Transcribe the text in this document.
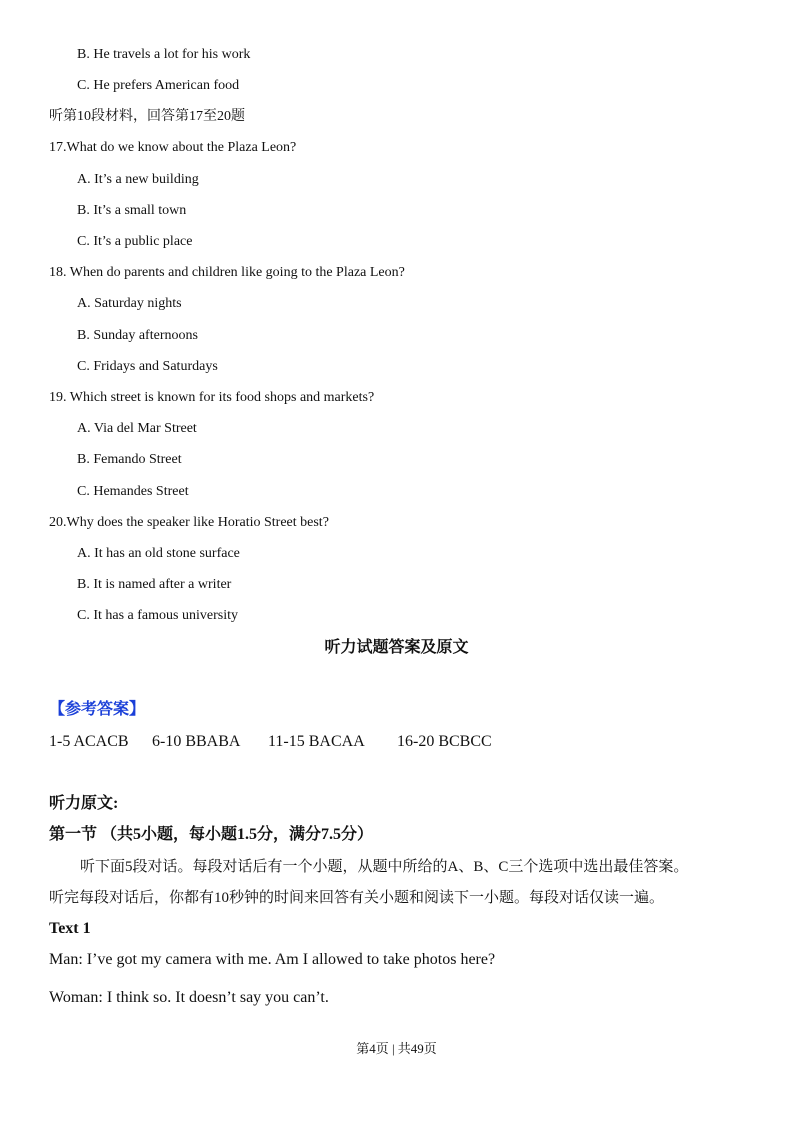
B. He travels a lot for his work
C. He prefers American food
听第10段材料，回答第17至20题
17.What do we know about the Plaza Leon?
A. It’s a new building
B. It’s a small town
C. It’s a public place
18. When do parents and children like going to the Plaza Leon?
A. Saturday nights
B. Sunday afternoons
C. Fridays and Saturdays
19. Which street is known for its food shops and markets?
A. Via del Mar Street
B. Femando Street
C. Hemandes Street
20.Why does the speaker like Horatio Street best?
A. It has an old stone surface
B. It is named after a writer
C. It has a famous university
听力试题答案及原文
【参考答案】
1-5 ACACB 6-10 BBABA 11-15 BACAA 16-20 BCBCC
听力原文:
第一节 （共5小题，每小题1.5分，满分7.5分）
听下面5段对话。每段对话后有一个小题，从题中所给的A、B、C三个选项中选出最佳答案。
听完每段对话后，你都有10秒钟的时间来回答有关小题和阅读下一小题。每段对话仅读一遍。
Text 1
Man: I’ve got my camera with me. Am I allowed to take photos here?
Woman: I think so. It doesn’t say you can’t.
第4页 | 共49页
